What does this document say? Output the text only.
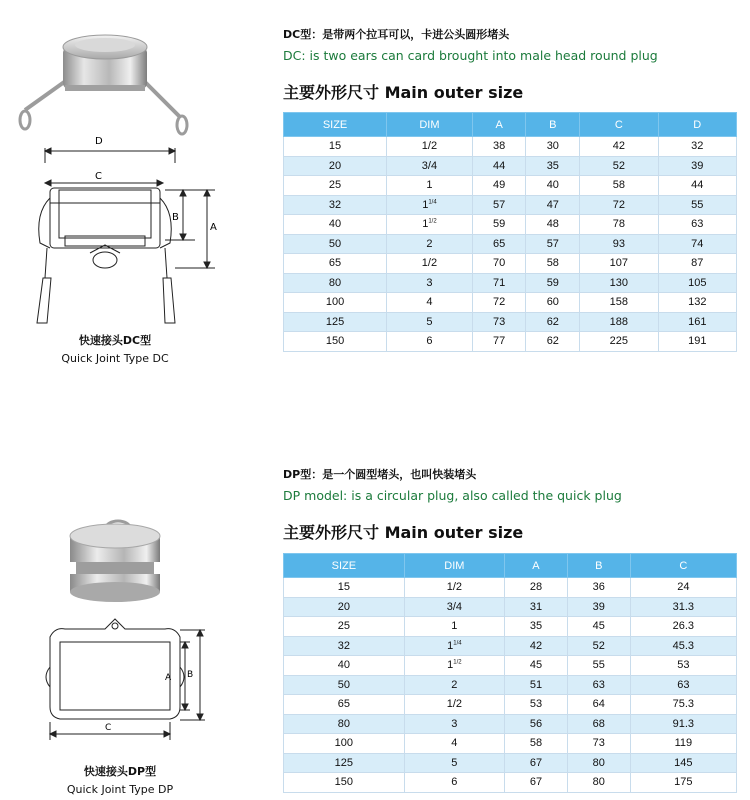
D
C
B
A
快速接头DC型
Quick Joint Type DC
DC型：是带两个拉耳可以，卡进公头圆形堵头
DC: is two ears can card brought into male head round plug
主要外形尺寸 Main outer size
SIZE	DIM	A	B	C	D
15	1/2	38	30	42	32
20	3/4	44	35	52	39
25	1	49	40	58	44
32	$1^{1/4}$	57	47	72	55
40	$1^{1/2}$	59	48	78	63
50	2	65	57	93	74
65	1/2	70	58	107	87
80	3	71	59	130	105
100	4	72	60	158	132
125	5	73	62	188	161
150	6	77	62	225	191
A B
C
快速接头DP型
Quick Joint Type DP
DP型：是一个圆型堵头，也叫快装堵头
DP model: is a circular plug, also called the quick plug
主要外形尺寸 Main outer size
SIZE	DIM	A	B	C
15	1/2	28	36	24
20	3/4	31	39	31.3
25	1	35	45	26.3
32	$1^{1/4}$	42	52	45.3
40	$1^{1/2}$	45	55	53
50	2	51	63	63
65	1/2	53	64	75.3
80	3	56	68	91.3
100	4	58	73	119
125	5	67	80	145
150	6	67	80	175
